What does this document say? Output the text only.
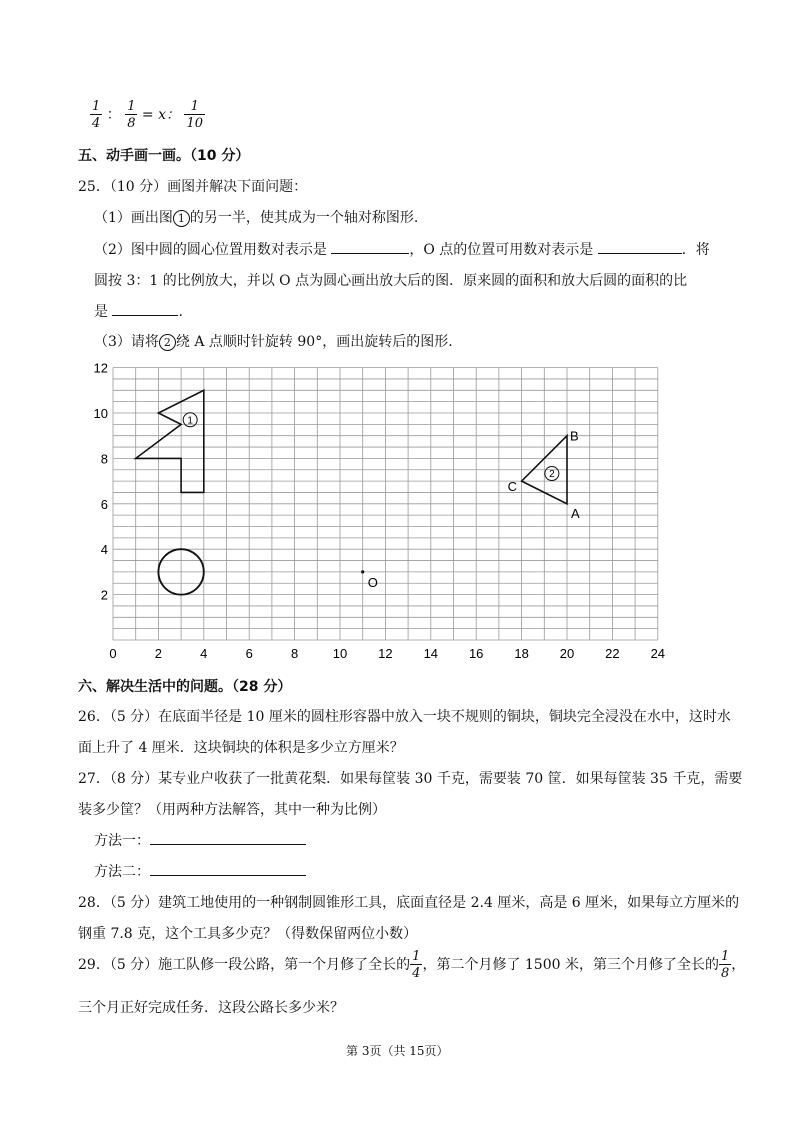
$\frac{1}{4}$ ： $\frac{1}{8} = x$： $\frac{1}{10}$
五、动手画一画。（10 分）
25．（10 分）画图并解决下面问题：
（1）画出图 1 的另一半，使其成为一个轴对称图形.
（2）图中圆的圆心位置用数对表示是	，O 点的位置可用数对表示是	．将
圆按 3：1 的比例放大，并以 O 点为圆心画出放大后的图．原来圆的面积和放大后圆的面积的比
是	.
（3）请将 2 绕 A 点顺时针旋转 90°，画出旋转后的图形.
0	2	4	6	8	10 12 14 16 18 20 22 24
2
4
6
8
10
12
1
2
A
B
C
O
六、解决生活中的问题。（28 分）
26．（5 分）在底面半径是 10 厘米的圆柱形容器中放入一块不规则的铜块，铜块完全浸没在水中，这时水
面上升了 4 厘米．这块铜块的体积是多少立方厘米？
27．（8 分）某专业户收获了一批黄花梨．如果每筐装 30 千克，需要装 70 筐．如果每筐装 35 千克，需要
装多少筐？（用两种方法解答，其中一种为比例）
方法一：
方法二：
28．（5 分）建筑工地使用的一种钢制圆锥形工具，底面直径是 2.4 厘米，高是 6 厘米，如果每立方厘米的
钢重 7.8 克，这个工具多少克？（得数保留两位小数）
29．（5 分）施工队修一段公路，第一个月修了全长的 $\frac{1}{4}$ ，第二个月修了 1500 米，第三个月修了全长的 $\frac{1}{8}$ ，
三个月正好完成任务．这段公路长多少米？
第 3页（共 15页）
